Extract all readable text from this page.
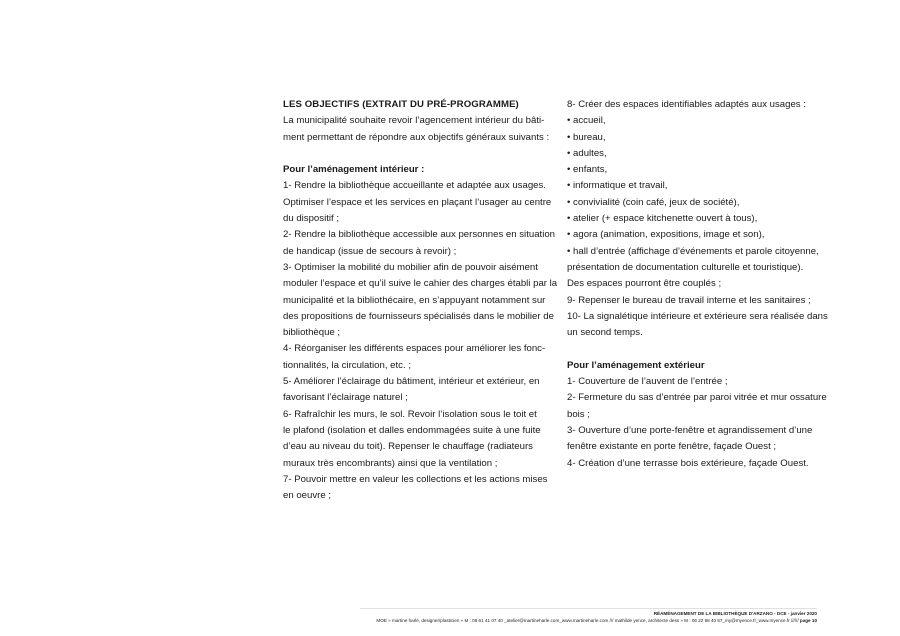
LES OBJECTIFS (EXTRAIT DU PRÉ-PROGRAMME)
La municipalité souhaite revoir l’agencement intérieur du bâti-
ment permettant de répondre aux objectifs généraux suivants :
Pour l’aménagement intérieur :
1- Rendre la bibliothèque accueillante et adaptée aux usages.
Optimiser l’espace et les services en plaçant l’usager au centre
du dispositif ;
2- Rendre la bibliothèque accessible aux personnes en situation
de handicap (issue de secours à revoir) ;
3- Optimiser la mobilité du mobilier afin de pouvoir aisément
moduler l’espace et qu’il suive le cahier des charges établi par la
municipalité et la bibliothécaire, en s’appuyant notamment sur
des propositions de fournisseurs spécialisés dans le mobilier de
bibliothèque ;
4- Réorganiser les différents espaces pour améliorer les fonc-
tionnalités, la circulation, etc. ;
5- Améliorer l’éclairage du bâtiment, intérieur et extérieur, en
favorisant l’éclairage naturel ;
6- Rafraîchir les murs, le sol. Revoir l’isolation sous le toit et
le plafond (isolation et dalles endommagées suite à une fuite
d’eau au niveau du toit). Repenser le chauffage (radiateurs
muraux très encombrants) ainsi que la ventilation ;
7- Pouvoir mettre en valeur les collections et les actions mises
en oeuvre ;
8- Créer des espaces identifiables adaptés aux usages :
• accueil,
• bureau,
• adultes,
• enfants,
• informatique et travail,
• convivialité (coin café, jeux de société),
• atelier (+ espace kitchenette ouvert à tous),
• agora (animation, expositions, image et son),
• hall d’entrée (affichage d’événements et parole citoyenne,
présentation de documentation culturelle et touristique).
Des espaces pourront être couplés ;
9- Repenser le bureau de travail interne et les sanitaires ;
10- La signalétique intérieure et extérieure sera réalisée dans
un second temps.
Pour l’aménagement extérieur
1- Couverture de l’auvent de l’entrée ;
2- Fermeture du sas d’entrée par paroi vitrée et mur ossature
bois ;
3- Ouverture d’une porte-fenêtre et agrandissement d’une
fenêtre existante en porte fenêtre, façade Ouest ;
4- Création d’une terrasse bois extérieure, façade Ouest.
RÉAMÉNAGEMENT DE LA BIBLIOTHÈQUE D'ARZANO - DCE - janvier 2020
MOE » martine harlé, designer/plasticien » M : 06 61 41 07 40 _atelier@martineharle.com_www.martineharle.com /// mathilde yence, architecte dess » M : 06 22 68 40 57_my@myence.fr_www.myence.fr ////// page 10
